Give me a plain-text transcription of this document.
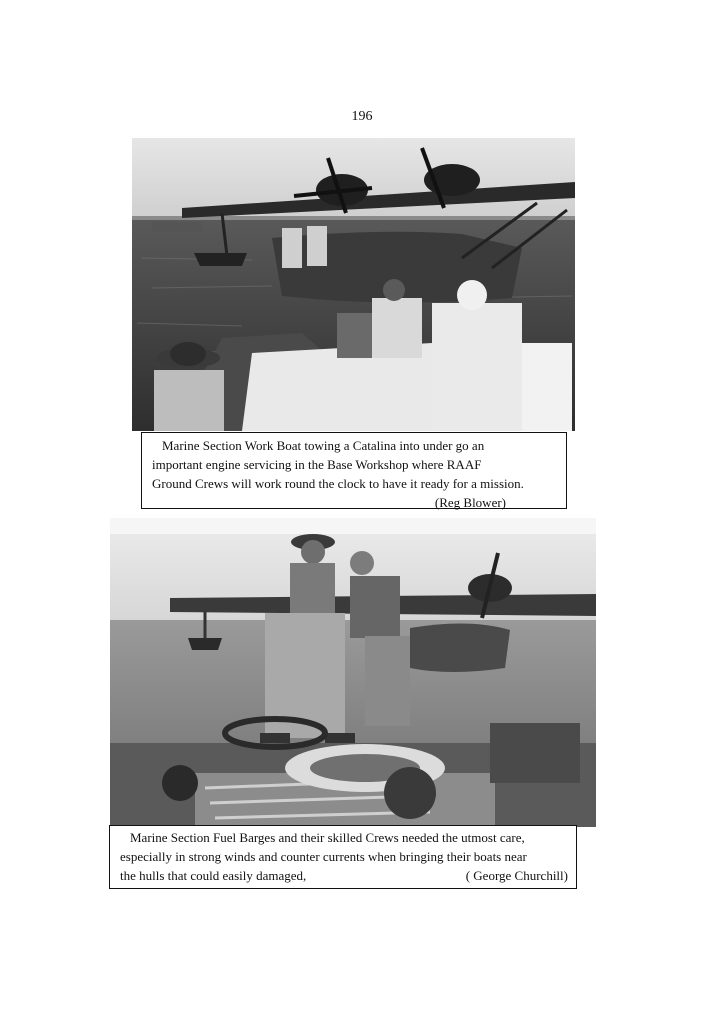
196
Marine Section Work Boat towing a Catalina into under go an
important engine servicing in the Base Workshop where RAAF
Ground Crews will work round the clock to have it ready for a mission.
(Reg Blower)
Marine Section Fuel Barges and their skilled Crews needed the utmost care,
especially in strong winds and counter currents when bringing their boats near
the hulls that could easily damaged,	( George Churchill)
